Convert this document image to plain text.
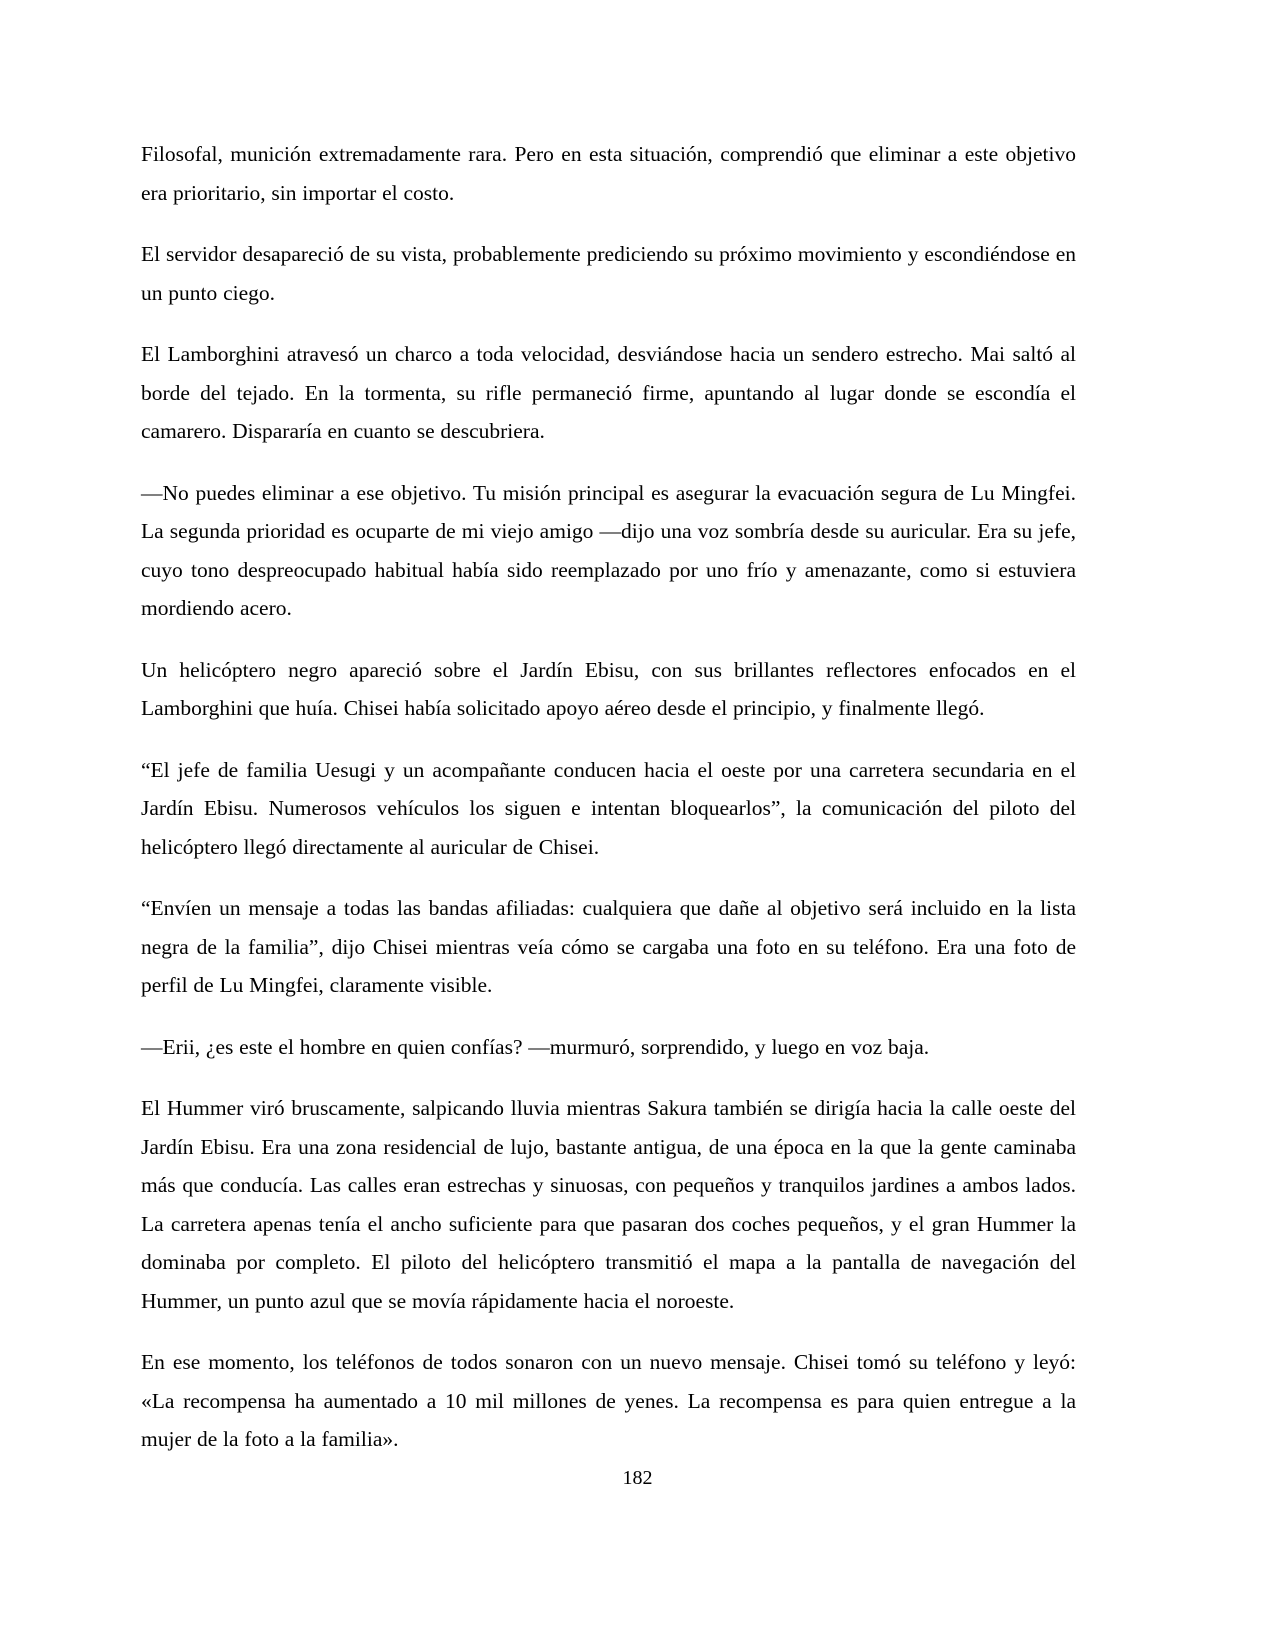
Filosofal, munición extremadamente rara. Pero en esta situación, comprendió que eliminar a este objetivo era prioritario, sin importar el costo.

El servidor desapareció de su vista, probablemente prediciendo su próximo movimiento y escondiéndose en un punto ciego.

El Lamborghini atravesó un charco a toda velocidad, desviándose hacia un sendero estrecho. Mai saltó al borde del tejado. En la tormenta, su rifle permaneció firme, apuntando al lugar donde se escondía el camarero. Dispararía en cuanto se descubriera.

—No puedes eliminar a ese objetivo. Tu misión principal es asegurar la evacuación segura de Lu Mingfei. La segunda prioridad es ocuparte de mi viejo amigo —dijo una voz sombría desde su auricular. Era su jefe, cuyo tono despreocupado habitual había sido reemplazado por uno frío y amenazante, como si estuviera mordiendo acero.

Un helicóptero negro apareció sobre el Jardín Ebisu, con sus brillantes reflectores enfocados en el Lamborghini que huía. Chisei había solicitado apoyo aéreo desde el principio, y finalmente llegó.

“El jefe de familia Uesugi y un acompañante conducen hacia el oeste por una carretera secundaria en el Jardín Ebisu. Numerosos vehículos los siguen e intentan bloquearlos”, la comunicación del piloto del helicóptero llegó directamente al auricular de Chisei.

“Envíen un mensaje a todas las bandas afiliadas: cualquiera que dañe al objetivo será incluido en la lista negra de la familia”, dijo Chisei mientras veía cómo se cargaba una foto en su teléfono. Era una foto de perfil de Lu Mingfei, claramente visible.

—Erii, ¿es este el hombre en quien confías? —murmuró, sorprendido, y luego en voz baja.

El Hummer viró bruscamente, salpicando lluvia mientras Sakura también se dirigía hacia la calle oeste del Jardín Ebisu. Era una zona residencial de lujo, bastante antigua, de una época en la que la gente caminaba más que conducía. Las calles eran estrechas y sinuosas, con pequeños y tranquilos jardines a ambos lados. La carretera apenas tenía el ancho suficiente para que pasaran dos coches pequeños, y el gran Hummer la dominaba por completo. El piloto del helicóptero transmitió el mapa a la pantalla de navegación del Hummer, un punto azul que se movía rápidamente hacia el noroeste.

En ese momento, los teléfonos de todos sonaron con un nuevo mensaje. Chisei tomó su teléfono y leyó: «La recompensa ha aumentado a 10 mil millones de yenes. La recompensa es para quien entregue a la mujer de la foto a la familia».

182
